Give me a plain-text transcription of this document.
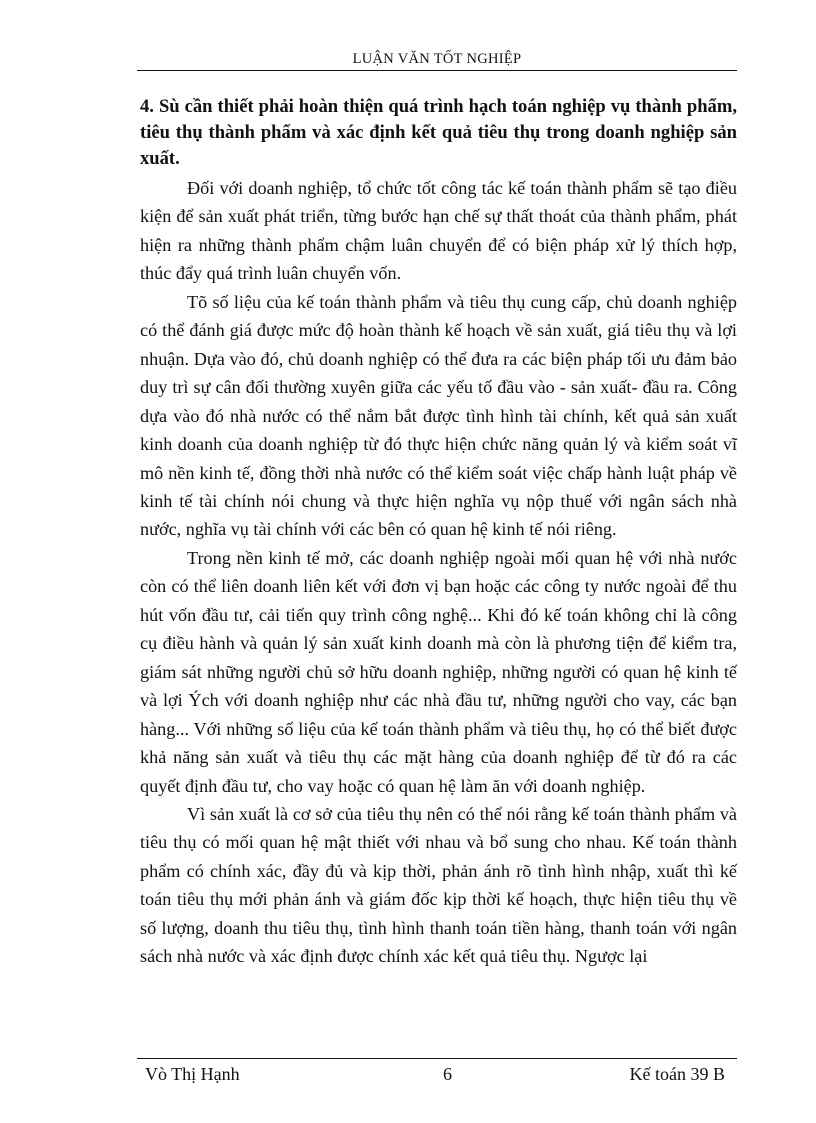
LUẬN VĂN TỐT NGHIỆP

4. Sù cần thiết phải hoàn thiện quá trình hạch toán nghiệp vụ thành phẩm, tiêu thụ thành phẩm và xác định kết quả tiêu thụ trong doanh nghiệp sản xuất.

Đối với doanh nghiệp, tổ chức tốt công tác kế toán thành phẩm sẽ tạo điều kiện để sản xuất phát triển, từng bước hạn chế sự thất thoát của thành phẩm, phát hiện ra những thành phẩm chậm luân chuyển để có biện pháp xử lý thích hợp, thúc đẩy quá trình luân chuyển vốn.

Tõ số liệu của kế toán thành phẩm và tiêu thụ cung cấp, chủ doanh nghiệp có thể đánh giá được mức độ hoàn thành kế hoạch về sản xuất, giá tiêu thụ và lợi nhuận. Dựa vào đó, chủ doanh nghiệp có thể đưa ra các biện pháp tối ưu đảm bảo duy trì sự cân đối thường xuyên giữa các yếu tố đầu vào - sản xuất- đầu ra. Công dựa vào đó nhà nước có thể nắm bắt được tình hình tài chính, kết quả sản xuất kinh doanh của doanh nghiệp từ đó thực hiện chức năng quản lý và kiểm soát vĩ mô nền kinh tế, đồng thời nhà nước có thể kiểm soát việc chấp hành luật pháp về kinh tế tài chính nói chung và thực hiện nghĩa vụ nộp thuế với ngân sách nhà nước, nghĩa vụ tài chính với các bên có quan hệ kinh tế nói riêng.

Trong nền kinh tế mở, các doanh nghiệp ngoài mối quan hệ với nhà nước còn có thể liên doanh liên kết với đơn vị bạn hoặc các công ty nước ngoài để thu hút vốn đầu tư, cải tiến quy trình công nghệ... Khi đó kế toán không chỉ là công cụ điều hành và quản lý sản xuất kinh doanh mà còn là phương tiện để kiểm tra, giám sát những người chủ sở hữu doanh nghiệp, những người có quan hệ kinh tế và lợi Ých với doanh nghiệp như các nhà đầu tư, những người cho vay, các bạn hàng... Với những số liệu của kế toán thành phẩm và tiêu thụ, họ có thể biết được khả năng sản xuất và tiêu thụ các mặt hàng của doanh nghiệp để từ đó ra các quyết định đầu tư, cho vay hoặc có quan hệ làm ăn với doanh nghiệp.

Vì sản xuất là cơ sở của tiêu thụ nên có thể nói rằng kế toán thành phẩm và tiêu thụ có mối quan hệ mật thiết với nhau và bổ sung cho nhau. Kế toán thành phẩm có chính xác, đầy đủ và kịp thời, phản ánh rõ tình hình nhập, xuất thì kế toán tiêu thụ mới phản ánh và giám đốc kịp thời kế hoạch, thực hiện tiêu thụ về số lượng, doanh thu tiêu thụ, tình hình thanh toán tiền hàng, thanh toán với ngân sách nhà nước và xác định được chính xác kết quả tiêu thụ. Ngược lại

Vò Thị Hạnh	6	Kế toán 39 B
